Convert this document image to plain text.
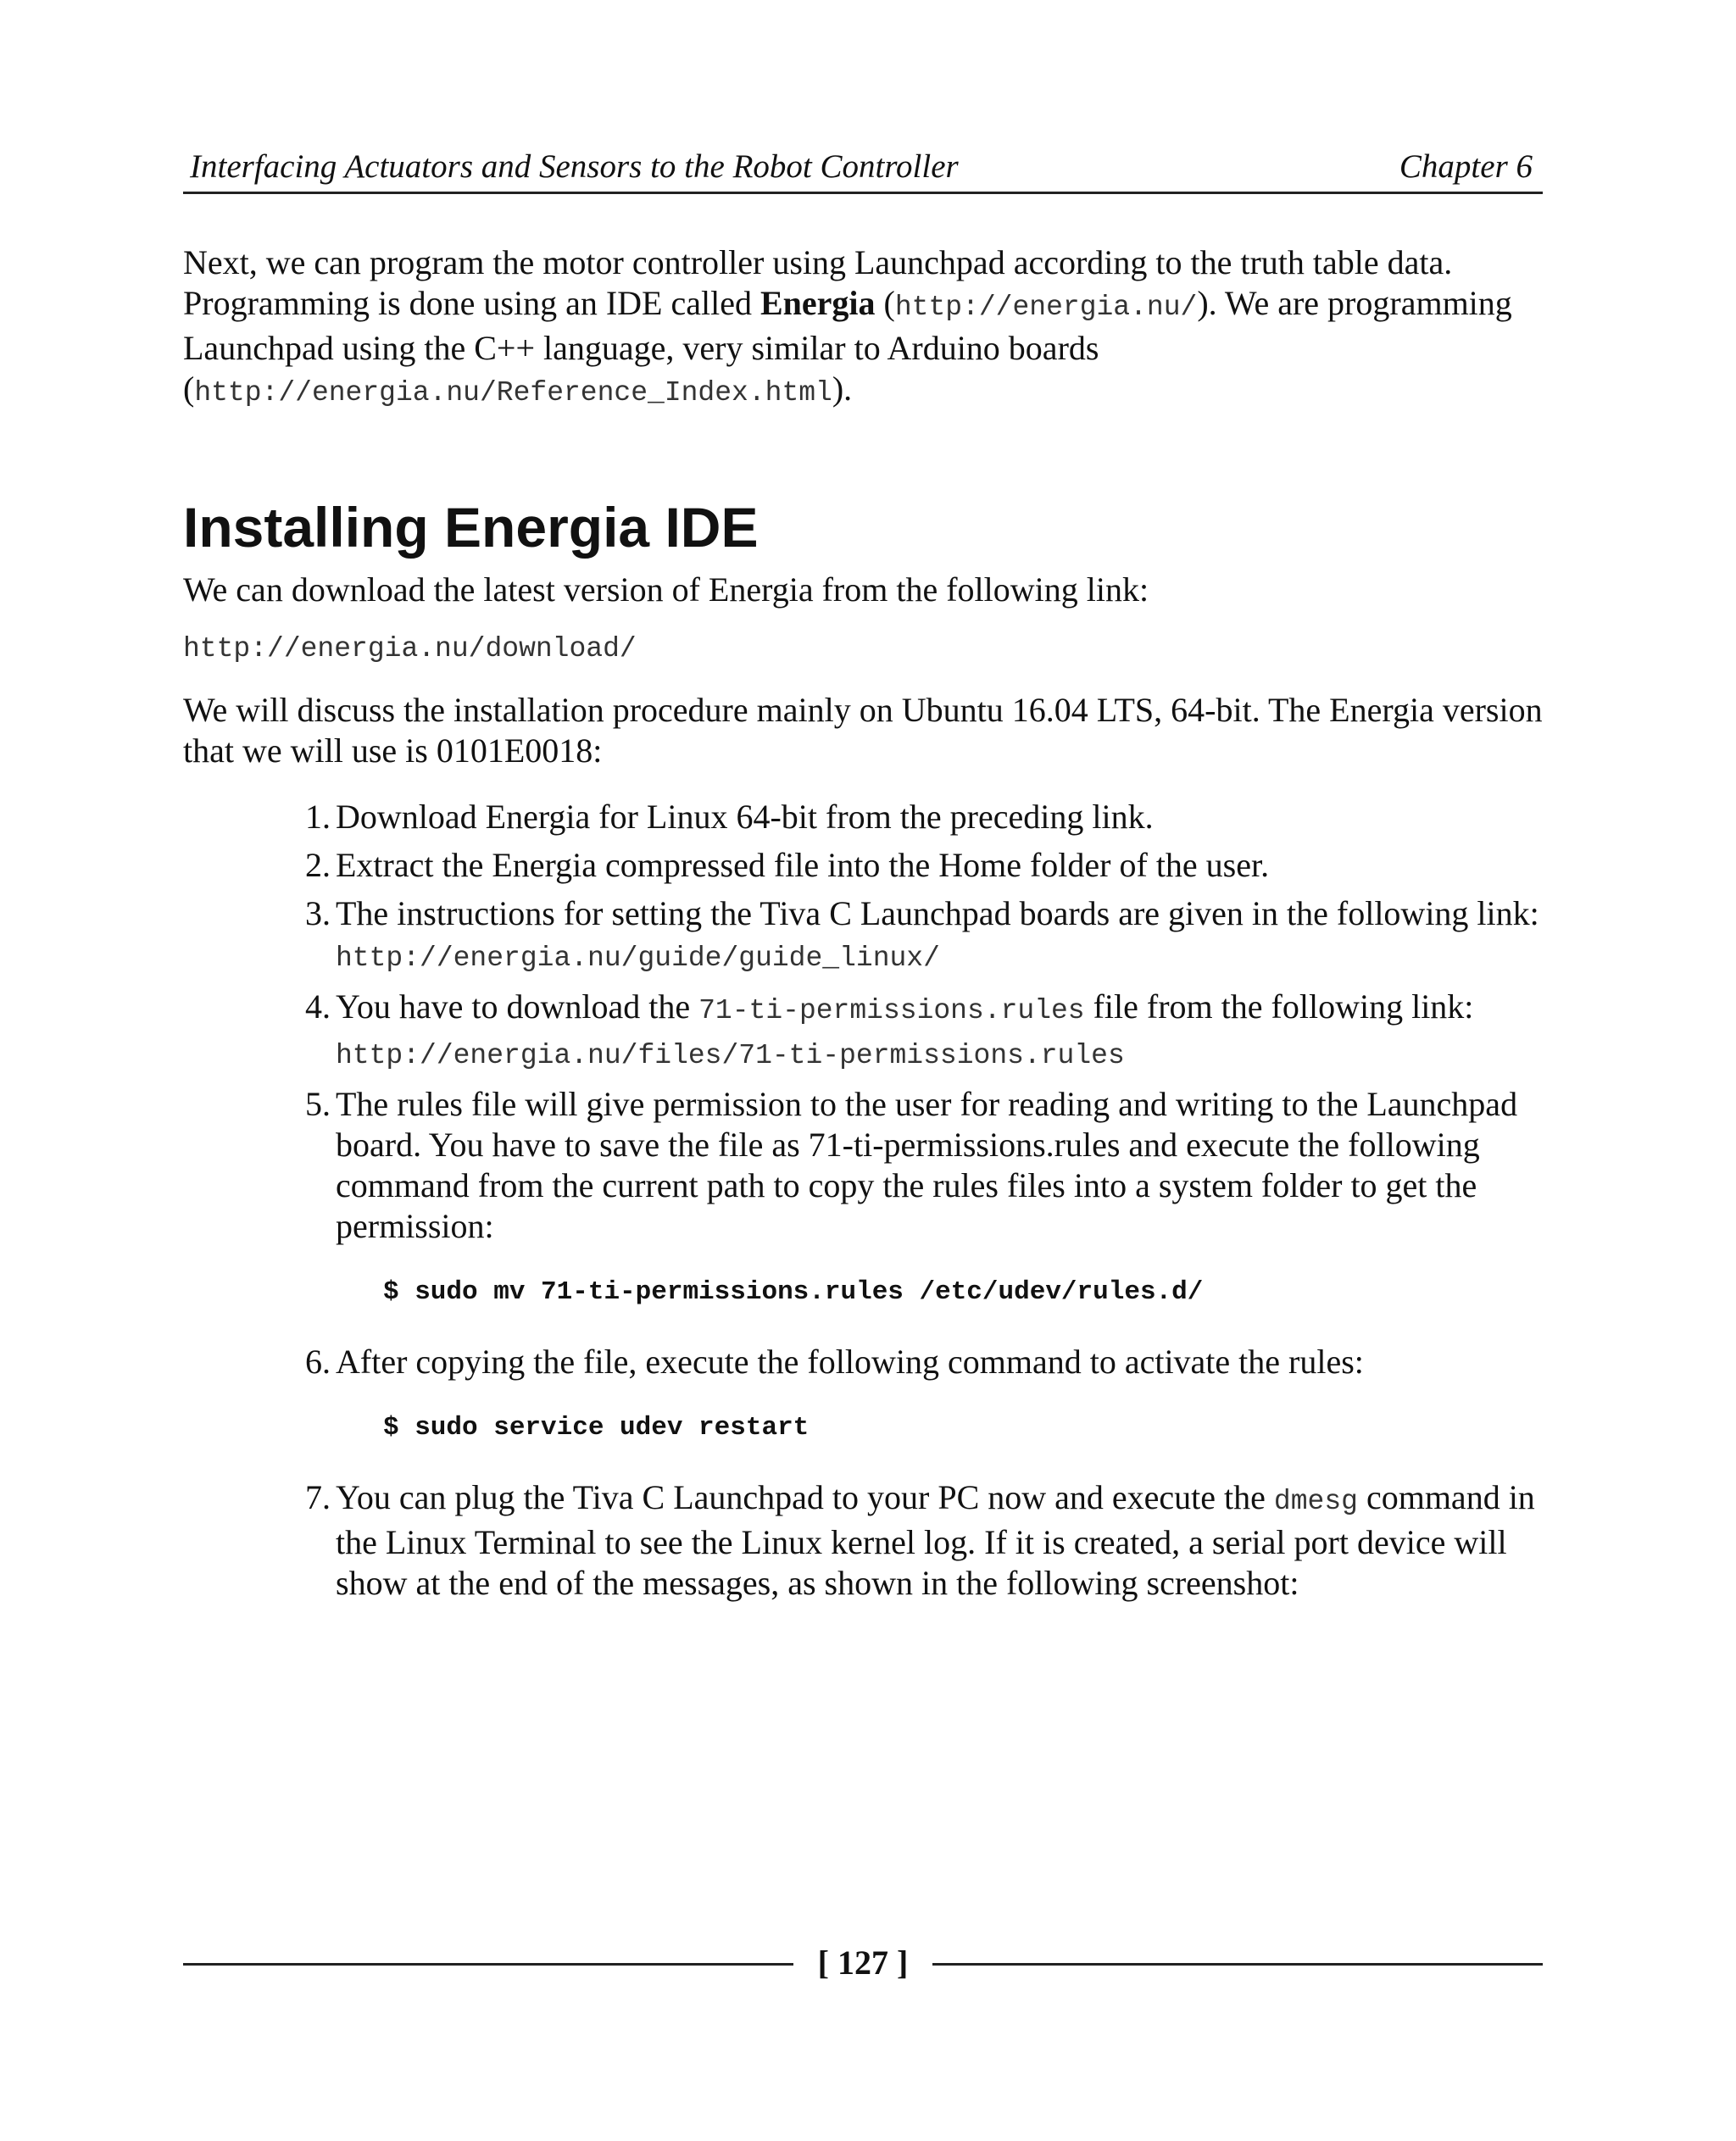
Interfacing Actuators and Sensors to the Robot Controller	Chapter 6

Next, we can program the motor controller using Launchpad according to the truth table data. Programming is done using an IDE called Energia (http://energia.nu/). We are programming Launchpad using the C++ language, very similar to Arduino boards (http://energia.nu/Reference_Index.html).

Installing Energia IDE

We can download the latest version of Energia from the following link:

http://energia.nu/download/

We will discuss the installation procedure mainly on Ubuntu 16.04 LTS, 64-bit. The Energia version that we will use is 0101E0018:

1. Download Energia for Linux 64-bit from the preceding link.
2. Extract the Energia compressed file into the Home folder of the user.
3. The instructions for setting the Tiva C Launchpad boards are given in the following link: http://energia.nu/guide/guide_linux/
4. You have to download the 71-ti-permissions.rules file from the following link: http://energia.nu/files/71-ti-permissions.rules
5. The rules file will give permission to the user for reading and writing to the Launchpad board. You have to save the file as 71-ti-permissions.rules and execute the following command from the current path to copy the rules files into a system folder to get the permission:
$ sudo mv 71-ti-permissions.rules /etc/udev/rules.d/
6. After copying the file, execute the following command to activate the rules:
$ sudo service udev restart
7. You can plug the Tiva C Launchpad to your PC now and execute the dmesg command in the Linux Terminal to see the Linux kernel log. If it is created, a serial port device will show at the end of the messages, as shown in the following screenshot:
[ 127 ]
